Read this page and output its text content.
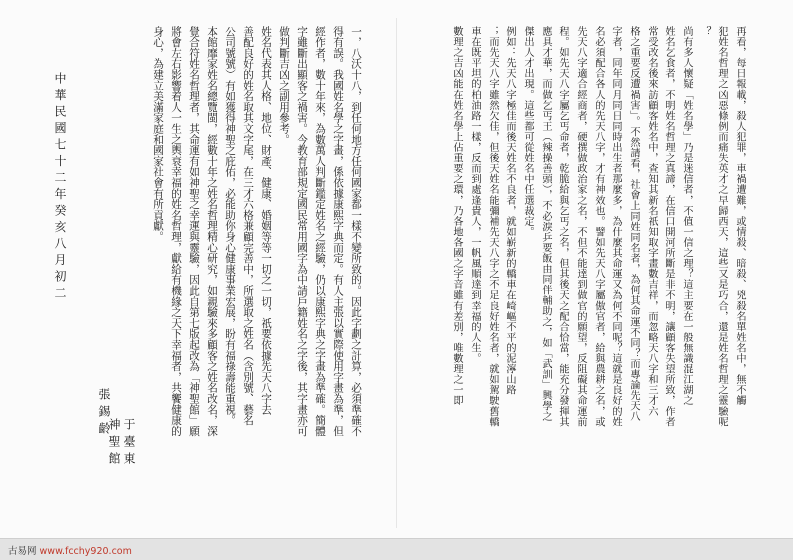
再看，每日報載，殺人犯罪，車禍遭難，或情殺、暗殺、兇殺名單姓名中，無不觸
犯姓名哲理之凶惡條例而痛失英才之早歸西天，這些又是巧合，還是姓名哲理之靈驗呢
？
尚有多人懷疑「姓名學」乃是迷信者，不值一信之理？這主要在一般無識混江湖之
姓名乞食者，不明姓名哲理之真諦，在信口開河所斷是非不明，讓顧客失望所致，作者
常受改名後來訪顧客姓名中，查知其新名祇知取字畫數吉祥，而忽略天八字和三才六
格之重要反遭禍害」。不然請看，社會上同姓同名者，為何其命運不同？而專論先天八
字者，同年同月同日同時出生者那麼多，為什麼其命運又為何不同呢？這就是良好的姓
名必須配合各人的先天八字，才有神效也。譬如先天八字屬傲官者，給與農耕之名，或
先天八字適合經商者，硬撰做政治家之名，不但不能達到做官的願望，反阻礙其命運前
程。如先天八字屬乞丐命者，乾脆給與乞丐之名，但其後天之配合恰當，能充分發揮其
應具才華，而做乞丐王（辣操善頭），不必淚乒要飯由同伴輔助之，如「武訓」興學之
傑出人才出現。這些都可從姓名中任選裁定。
例如：先天八字極佳而後天姓名不良者，就如嶄新的轎車在崎嶇不平的泥濘山路
；而先天八字雖然欠佳，但後天姓名能彌補先天八字之不足良好姓名者，就如駕駛舊轎
車在既平坦的柏油路一樣，反而到處逢貴人，一帆風順達到幸福的人生。
數理之吉凶能在姓名學上佔重要之環，乃各地各國之字音雖有差別，唯數理之一即
一，八沃十八，到任何地方任何國家都一樣不變所致的。因此字劃之計算，必須準確不
得有誤。我國姓名學之字畫，係依據康熙字典而定。有人主張以實際使用字畫為準，但
經作者，數十年來，為數萬人判斷鑑定姓名之經驗，仍以康熙字典之字畫為準確。簡體
字雖斷出顯客之禍害。今教育部規定國民常用國字為中請戶籍姓名之字後，其字畫亦可
做判斷吉凶之副用參考。
姓名代表其人格、地位、財產、健康、婚姻等等一切之一切，祇要依據先天八字去
善配良好的姓名取其文字尾，在三才六格兼顧完善中，所選取之姓名（含別號、藝名
公司號號）有如獲得神聖之庇佑，必能助你身心健康事業宏展，盼有福祿壽能重視。
本館靡家姓名總覽閩，經數十年之姓名哲理精心研究，如親驗來多顧客之姓名改名，深
覺合符姓名哲理者，其命運有如神聖之幸運與靈驗，因此自第七版起改為「神聖館」願
將會左右影響着人一生之輿衰幸福的姓名哲理，獻給有機緣之天下幸福者，共饗健康的
身心，為建立美滿家庭和國家社會有所貢獻。
于臺東
神聖館
張錫齡
中華民國七十二年癸亥八月初二
古易网 www.fcchy920.com
